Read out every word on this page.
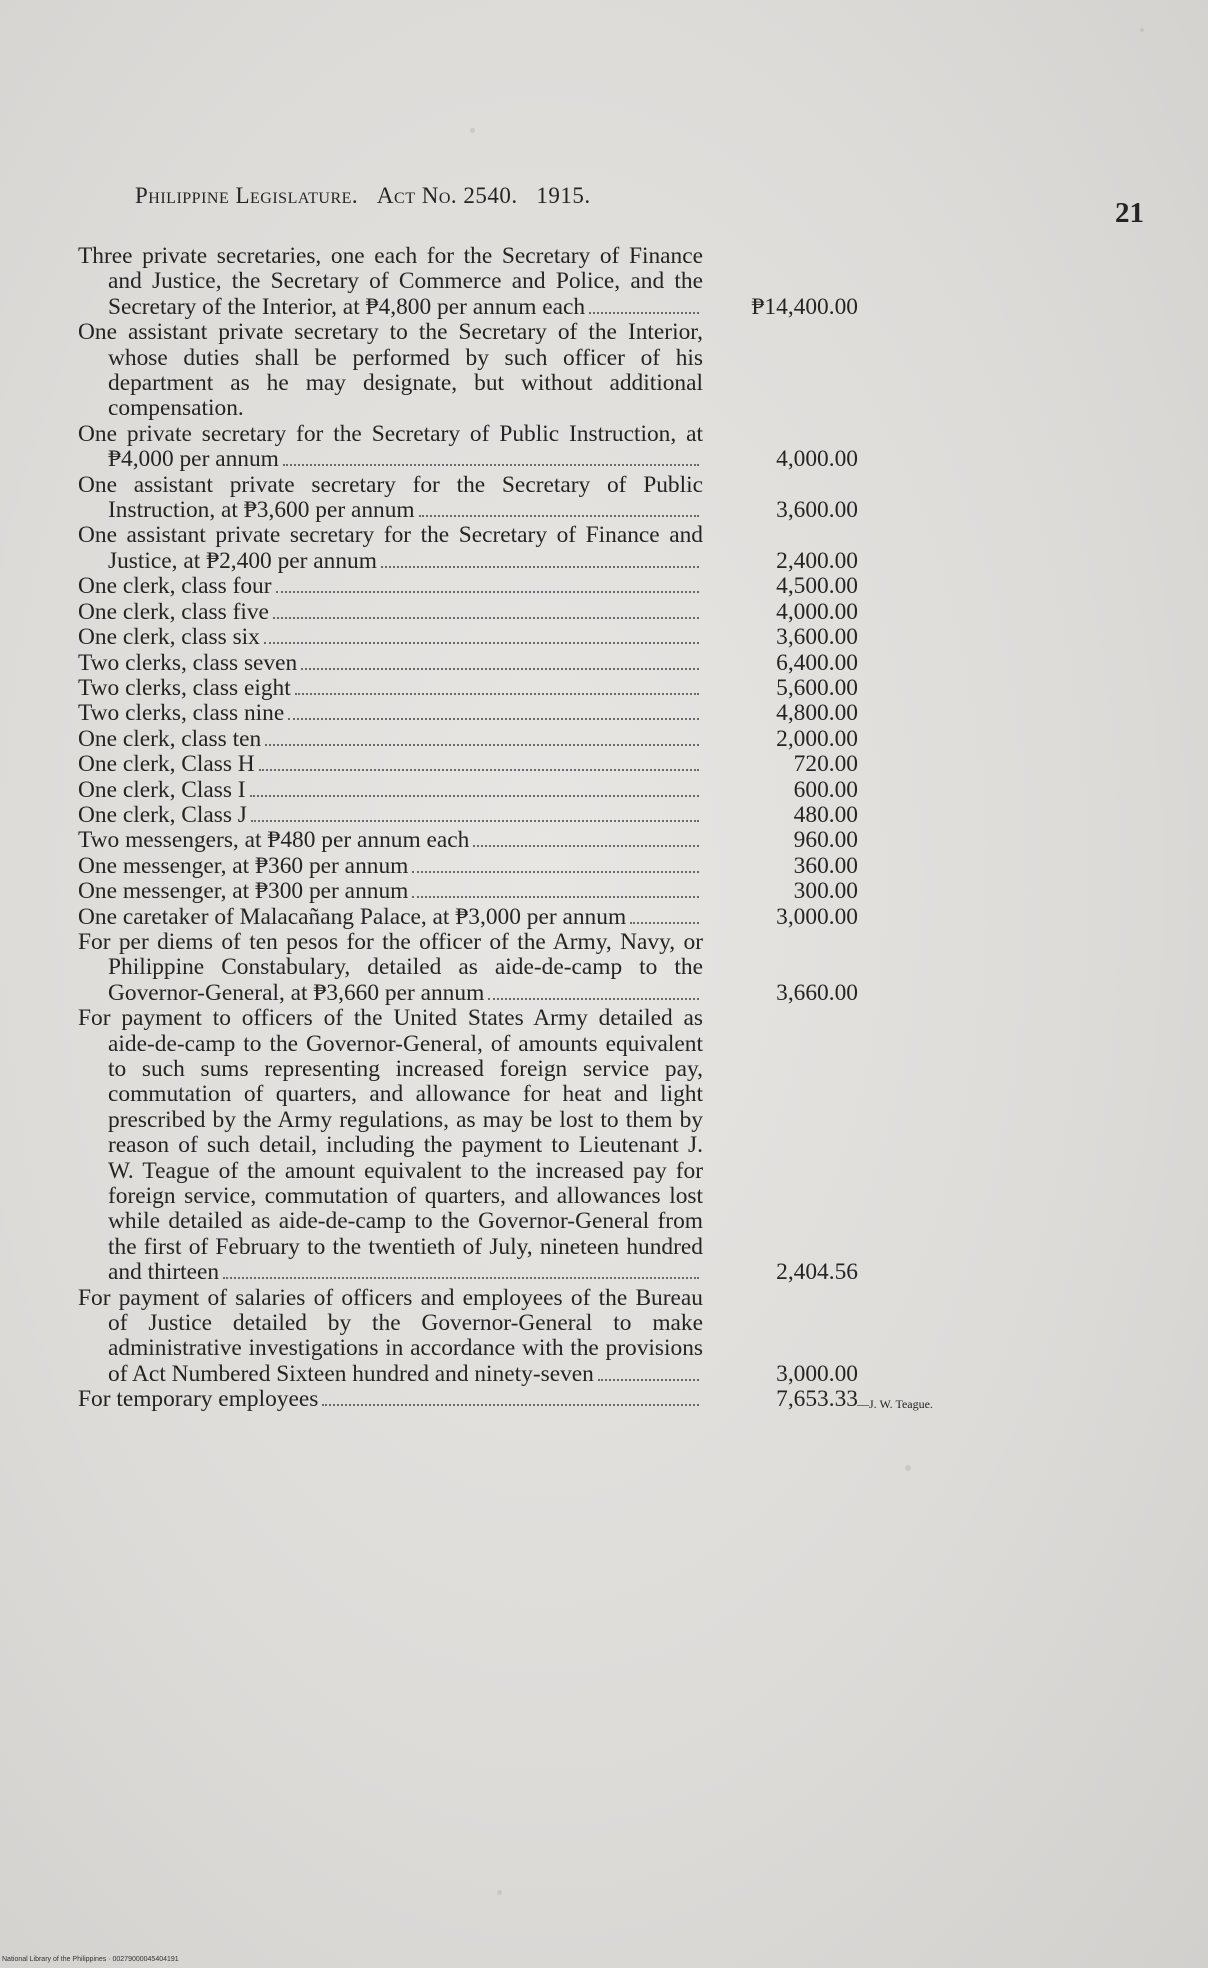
Philippine Legislature. Act No. 2540. 1915.
21
Three private secretaries, one each for the Secretary of Finance and Justice, the Secretary of Commerce and Police, and the Secretary of the Interior, at ₱4,800 per annum each	₱14,400.00
One assistant private secretary to the Secretary of the Interior, whose duties shall be performed by such officer of his department as he may designate, but without additional compensation.
One private secretary for the Secretary of Public Instruction, at ₱4,000 per annum	4,000.00
One assistant private secretary for the Secretary of Public Instruction, at ₱3,600 per annum	3,600.00
One assistant private secretary for the Secretary of Finance and Justice, at ₱2,400 per annum	2,400.00
One clerk, class four	4,500.00
One clerk, class five	4,000.00
One clerk, class six	3,600.00
Two clerks, class seven	6,400.00
Two clerks, class eight	5,600.00
Two clerks, class nine	4,800.00
One clerk, class ten	2,000.00
One clerk, Class H	720.00
One clerk, Class I	600.00
One clerk, Class J	480.00
Two messengers, at ₱480 per annum each	960.00
One messenger, at ₱360 per annum	360.00
One messenger, at ₱300 per annum	300.00
One caretaker of Malacañang Palace, at ₱3,000 per annum	3,000.00
For per diems of ten pesos for the officer of the Army, Navy, or Philippine Constabulary, detailed as aide-de-camp to the Governor-General, at ₱3,660 per annum	3,660.00
For payment to officers of the United States Army detailed as aide-de-camp to the Governor-General, of amounts equivalent to such sums representing increased foreign service pay, commutation of quarters, and allowance for heat and light prescribed by the Army regulations, as may be lost to them by reason of such detail, including the payment to Lieutenant J. W. Teague of the amount equivalent to the increased pay for foreign service, commutation of quarters, and allowances lost while detailed as aide-de-camp to the Governor-General from the first of February to the twentieth of July, nineteen hundred and thirteen	2,404.56
For payment of salaries of officers and employees of the Bureau of Justice detailed by the Governor-General to make administrative investigations in accordance with the provisions of Act Numbered Sixteen hundred and ninety-seven	3,000.00
For temporary employees	7,653.33 —J. W. Teague.
National Library of the Philippines · 00279000045404191
